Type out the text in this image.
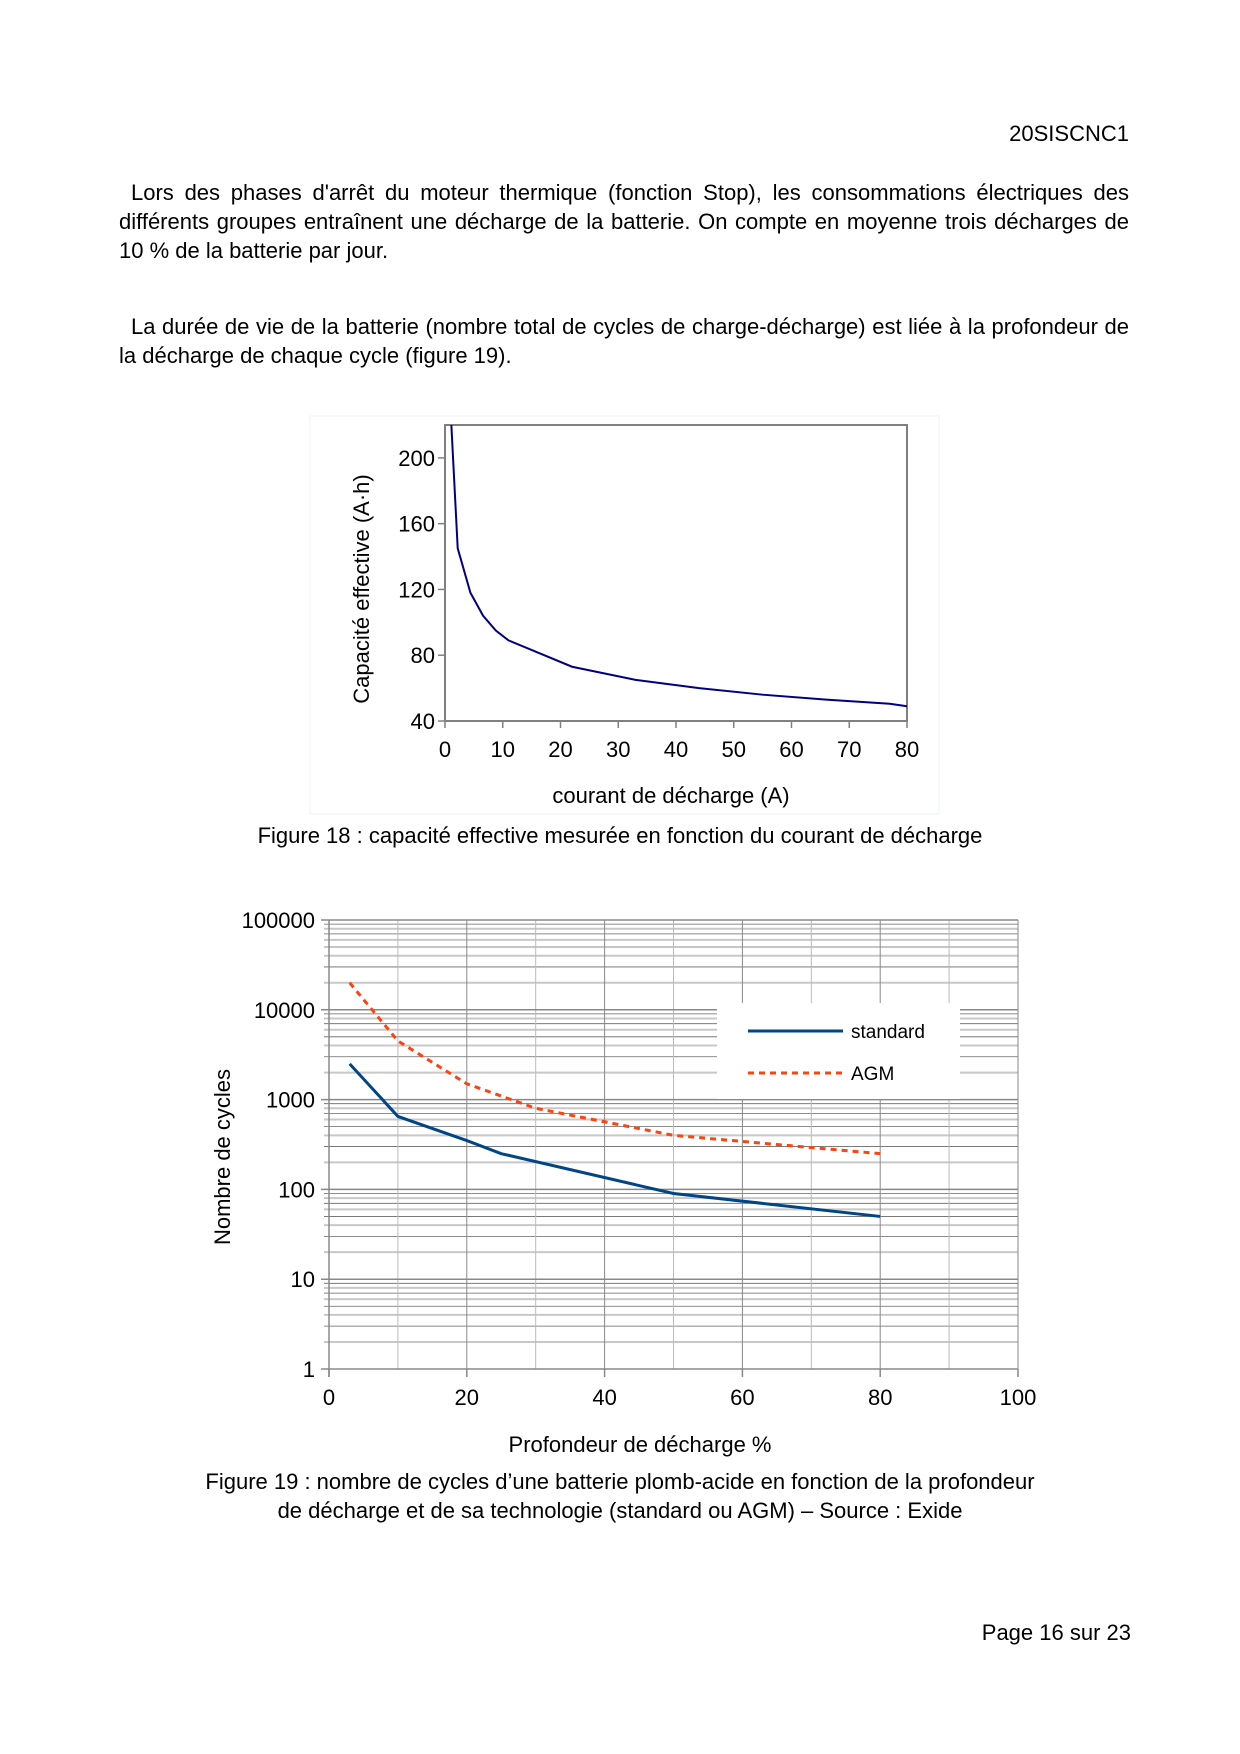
20SISCNC1

Lors des phases d'arrêt du moteur thermique (fonction Stop), les consommations électriques des différents groupes entraînent une décharge de la batterie. On compte en moyenne trois décharges de 10 % de la batterie par jour.

La durée de vie de la batterie (nombre total de cycles de charge-décharge) est liée à la profondeur de la décharge de chaque cycle (figure 19).

0 10 20 30 40 50 60 70 80
40
80
120
160
200
courant de décharge (A)
Capacité effective (A·h)
1
10
100
1000
10000
100000
0	20	40	60	80	100
Profondeur de décharge %
Nombre de cycles
standard
AGM
Figure 18 : capacité effective mesurée en fonction du courant de décharge
Figure 19 : nombre de cycles d’une batterie plomb-acide en fonction de la profondeur
de décharge et de sa technologie (standard ou AGM) – Source : Exide
Page 16 sur 23
